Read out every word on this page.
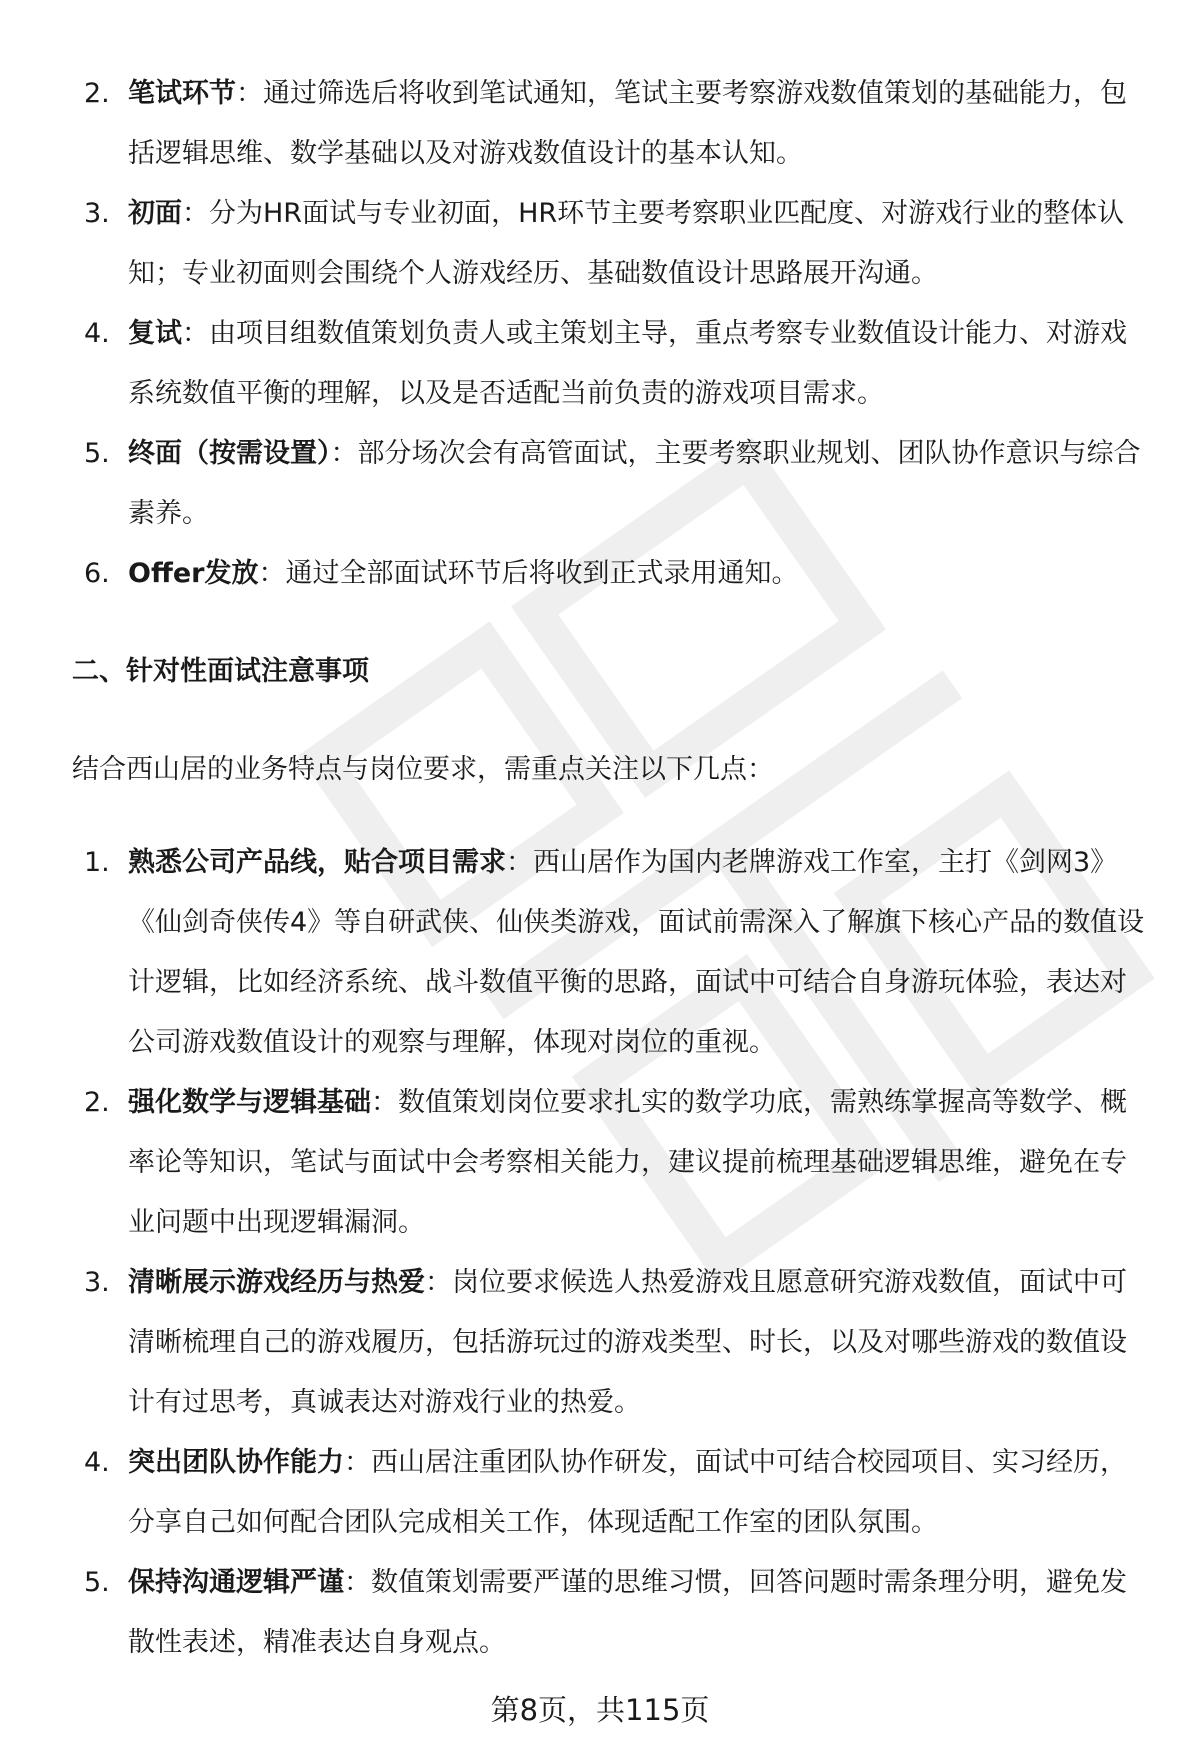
2. 笔试环节：通过筛选后将收到笔试通知，笔试主要考察游戏数值策划的基础能力，包括逻辑思维、数学基础以及对游戏数值设计的基本认知。

3. 初面：分为HR面试与专业初面，HR环节主要考察职业匹配度、对游戏行业的整体认知；专业初面则会围绕个人游戏经历、基础数值设计思路展开沟通。

4. 复试：由项目组数值策划负责人或主策划主导，重点考察专业数值设计能力、对游戏系统数值平衡的理解，以及是否适配当前负责的游戏项目需求。

5. 终面（按需设置）：部分场次会有高管面试，主要考察职业规划、团队协作意识与综合素养。

6. Offer发放：通过全部面试环节后将收到正式录用通知。

二、针对性面试注意事项

结合西山居的业务特点与岗位要求，需重点关注以下几点：

1. 熟悉公司产品线，贴合项目需求：西山居作为国内老牌游戏工作室，主打《剑网3》《仙剑奇侠传4》等自研武侠、仙侠类游戏，面试前需深入了解旗下核心产品的数值设计逻辑，比如经济系统、战斗数值平衡的思路，面试中可结合自身游玩体验，表达对公司游戏数值设计的观察与理解，体现对岗位的重视。

2. 强化数学与逻辑基础：数值策划岗位要求扎实的数学功底，需熟练掌握高等数学、概率论等知识，笔试与面试中会考察相关能力，建议提前梳理基础逻辑思维，避免在专业问题中出现逻辑漏洞。

3. 清晰展示游戏经历与热爱：岗位要求候选人热爱游戏且愿意研究游戏数值，面试中可清晰梳理自己的游戏履历，包括游玩过的游戏类型、时长，以及对哪些游戏的数值设计有过思考，真诚表达对游戏行业的热爱。

4. 突出团队协作能力：西山居注重团队协作研发，面试中可结合校园项目、实习经历，分享自己如何配合团队完成相关工作，体现适配工作室的团队氛围。

5. 保持沟通逻辑严谨：数值策划需要严谨的思维习惯，回答问题时需条理分明，避免发散性表述，精准表达自身观点。

第8页，共115页
